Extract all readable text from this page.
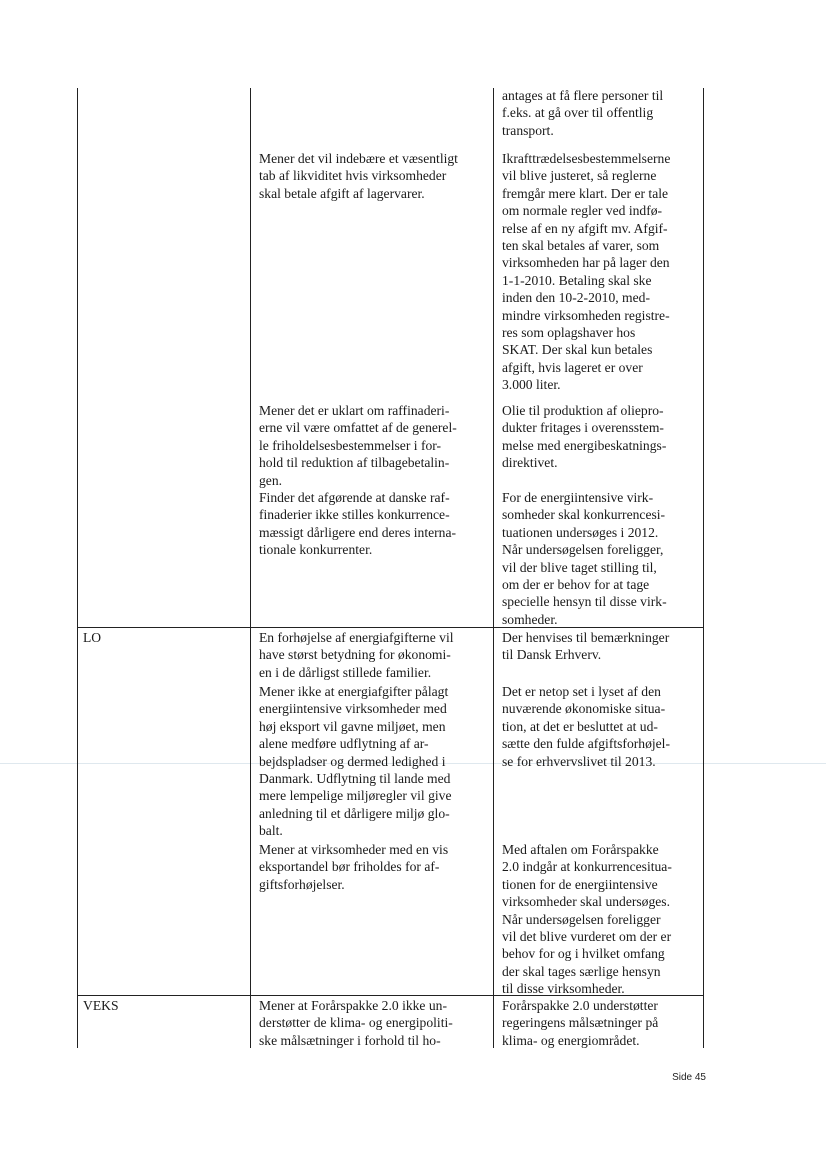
antages at få flere personer til
f.eks. at gå over til offentlig
transport.
Mener det vil indebære et væsentligt
tab af likviditet hvis virksomheder
skal betale afgift af lagervarer.
Ikrafttrædelsesbestemmelserne
vil blive justeret, så reglerne
fremgår mere klart. Der er tale
om normale regler ved indfø-
relse af en ny afgift mv. Afgif-
ten skal betales af varer, som
virksomheden har på lager den
1-1-2010. Betaling skal ske
inden den 10-2-2010, med-
mindre virksomheden registre-
res som oplagshaver hos
SKAT. Der skal kun betales
afgift, hvis lageret er over
3.000 liter.
Mener det er uklart om raffinaderi-
erne vil være omfattet af de generel-
le friholdelsesbestemmelser i for-
hold til reduktion af tilbagebetalin-
gen.
Olie til produktion af oliepro-
dukter fritages i overensstem-
melse med energibeskatnings-
direktivet.
Finder det afgørende at danske raf-
finaderier ikke stilles konkurrence-
mæssigt dårligere end deres interna-
tionale konkurrenter.
For de energiintensive virk-
somheder skal konkurrencesi-
tuationen undersøges i 2012.
Når undersøgelsen foreligger,
vil der blive taget stilling til,
om der er behov for at tage
specielle hensyn til disse virk-
somheder.
LO	En forhøjelse af energiafgifterne vil
have størst betydning for økonomi-
en i de dårligst stillede familier.
Der henvises til bemærkninger
til Dansk Erhverv.
Mener ikke at energiafgifter pålagt
energiintensive virksomheder med
høj eksport vil gavne miljøet, men
alene medføre udflytning af ar-
bejdspladser og dermed ledighed i
Danmark. Udflytning til lande med
mere lempelige miljøregler vil give
anledning til et dårligere miljø glo-
balt.
Det er netop set i lyset af den
nuværende økonomiske situa-
tion, at det er besluttet at ud-
sætte den fulde afgiftsforhøjel-
se for erhvervslivet til 2013.
Mener at virksomheder med en vis
eksportandel bør friholdes for af-
giftsforhøjelser.
Med aftalen om Forårspakke
2.0 indgår at konkurrencesitua-
tionen for de energiintensive
virksomheder skal undersøges.
Når undersøgelsen foreligger
vil det blive vurderet om der er
behov for og i hvilket omfang
der skal tages særlige hensyn
til disse virksomheder.
VEKS	Mener at Forårspakke 2.0 ikke un-
derstøtter de klima- og energipoliti-
ske målsætninger i forhold til ho-
Forårspakke 2.0 understøtter
regeringens målsætninger på
klima- og energiområdet.
Side 45
